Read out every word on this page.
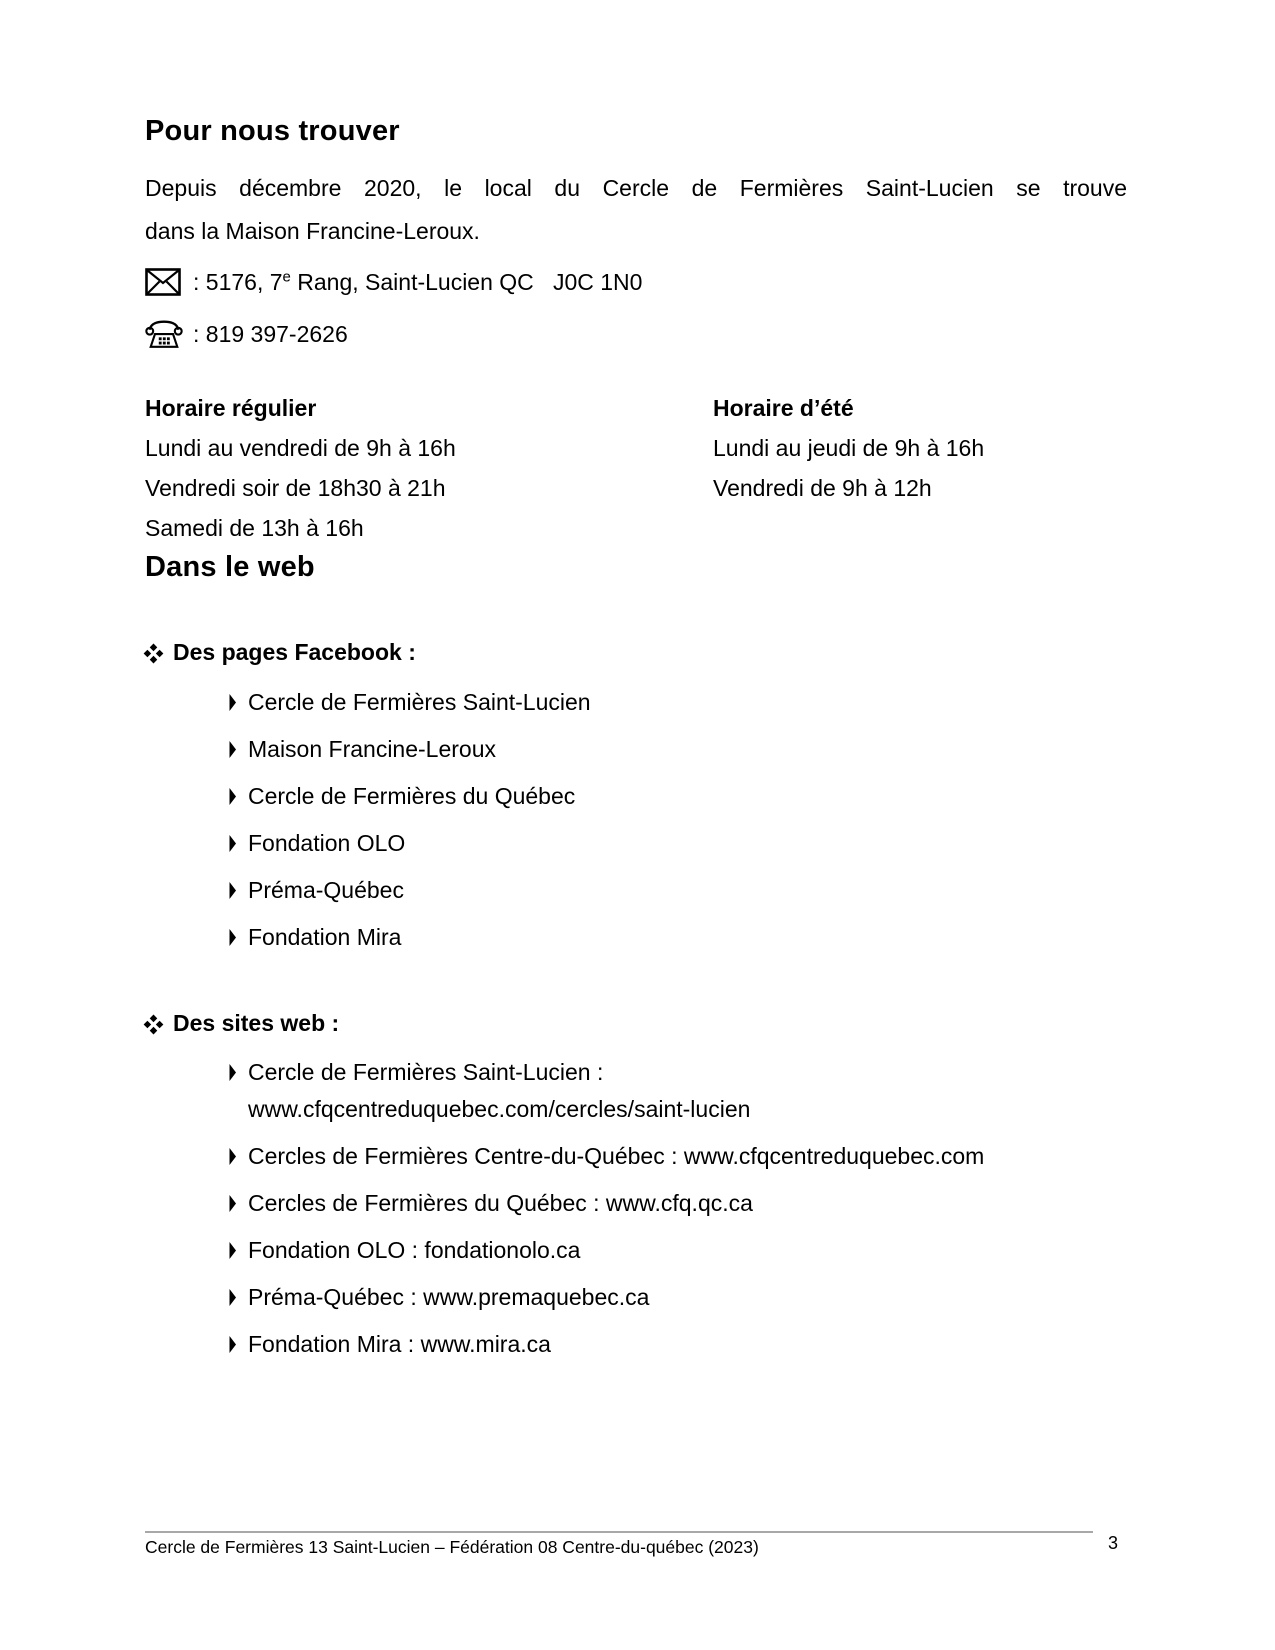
Pour nous trouver
Depuis décembre 2020, le local du Cercle de Fermières Saint-Lucien se trouve
dans la Maison Francine-Leroux.
: 5176, 7e Rang, Saint-Lucien QC   J0C 1N0
: 819 397-2626
Horaire régulier
Lundi au vendredi de 9h à 16h
Vendredi soir de 18h30 à 21h
Samedi de 13h à 16h
Horaire d’été
Lundi au jeudi de 9h à 16h
Vendredi de 9h à 12h
Dans le web
Des pages Facebook :
Cercle de Fermières Saint-Lucien
Maison Francine-Leroux
Cercle de Fermières du Québec
Fondation OLO
Préma-Québec
Fondation Mira
Des sites web :
Cercle de Fermières Saint-Lucien :
www.cfqcentreduquebec.com/cercles/saint-lucien
Cercles de Fermières Centre-du-Québec : www.cfqcentreduquebec.com
Cercles de Fermières du Québec : www.cfq.qc.ca
Fondation OLO : fondationolo.ca
Préma-Québec : www.premaquebec.ca
Fondation Mira : www.mira.ca
Cercle de Fermières 13 Saint-Lucien – Fédération 08 Centre-du-québec (2023)	3
